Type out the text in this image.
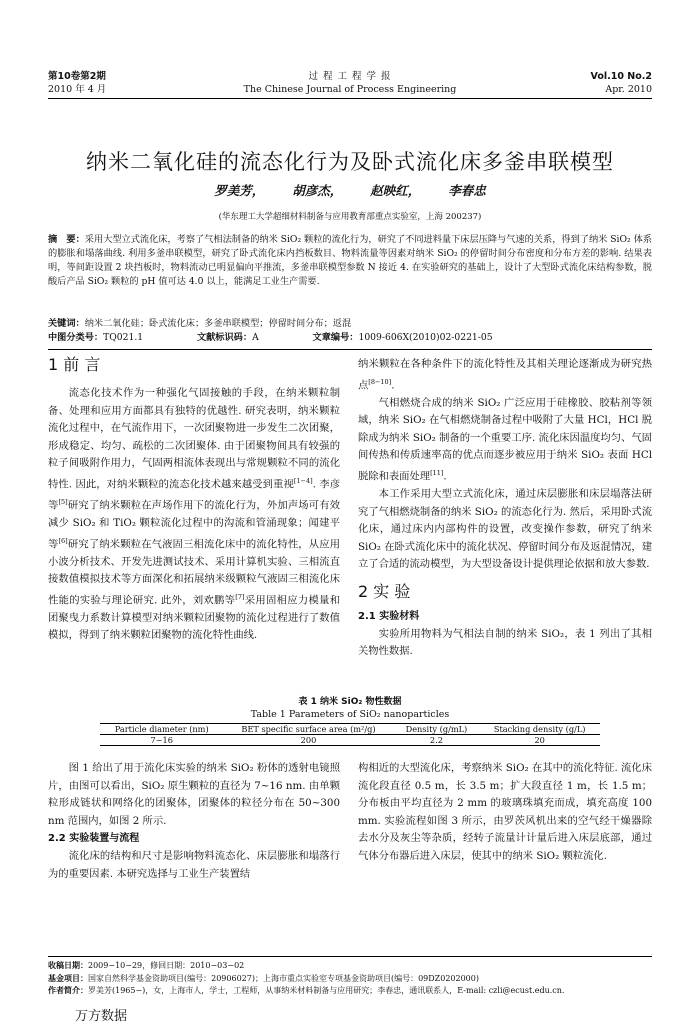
第10卷第2期
2010 年 4 月
过 程 工 程 学 报
The Chinese Journal of Process Engineering
Vol.10 No.2
Apr. 2010
纳米二氧化硅的流态化行为及卧式流化床多釜串联模型
罗美芳， 胡彦杰， 赵映红， 李春忠
(华东理工大学超细材料制备与应用教育部重点实验室，上海 200237)
摘　要：采用大型立式流化床，考察了气相法制备的纳米 SiO₂ 颗粒的流化行为，研究了不同进料量下床层压降与气速的关系，得到了纳米 SiO₂ 体系的膨胀和塌落曲线. 利用多釜串联模型，研究了卧式流化床内挡板数目、物料流量等因素对纳米 SiO₂ 的停留时间分布密度和分布方差的影响. 结果表明，等间距设置 2 块挡板时，物料流动已明显偏向平推流，多釜串联模型参数 N 接近 4. 在实验研究的基础上，设计了大型卧式流化床结构参数，脱酸后产品 SiO₂ 颗粒的 pH 值可达 4.0 以上，能满足工业生产需要.
关键词：纳米二氧化硅；卧式流化床；多釜串联模型；停留时间分布；返混
中图分类号：TQ021.1	文献标识码：A	文章编号：1009-606X(2010)02-0221-05
1 前 言

流态化技术作为一种强化气固接触的手段，在纳米颗粒制备、处理和应用方面都具有独特的优越性. 研究表明，纳米颗粒流化过程中，在气流作用下，一次团聚物进一步发生二次团聚，形成稳定、均匀、疏松的二次团聚体. 由于团聚物间具有较强的粒子间吸附作用力，气固两相流体表现出与常规颗粒不同的流化特性. 因此，对纳米颗粒的流态化技术越来越受到重视[1−4]. 李彦等[5]研究了纳米颗粒在声场作用下的流化行为，外加声场可有效减少 SiO₂ 和 TiO₂ 颗粒流化过程中的沟流和管涌现象；闻建平等[6]研究了纳米颗粒在气液固三相流化床中的流化特性，从应用小波分析技术、开发先进测试技术、采用计算机实验、三相流直接数值模拟技术等方面深化和拓展纳米级颗粒气液固三相流化床性能的实验与理论研究. 此外，刘欢鹏等[7]采用固相应力模量和团聚曳力系数计算模型对纳米颗粒团聚物的流化过程进行了数值模拟，得到了纳米颗粒团聚物的流化特性曲线.

纳米颗粒在各种条件下的流化特性及其相关理论逐渐成为研究热点[8−10].

气相燃烧合成的纳米 SiO₂ 广泛应用于硅橡胶、胶粘剂等领域，纳米 SiO₂ 在气相燃烧制备过程中吸附了大量 HCl，HCl 脱除成为纳米 SiO₂ 制备的一个重要工序. 流化床因温度均匀、气固间传热和传质速率高的优点而逐步被应用于纳米 SiO₂ 表面 HCl 脱除和表面处理[11].

本工作采用大型立式流化床，通过床层膨胀和床层塌落法研究了气相燃烧制备的纳米 SiO₂ 的流态化行为. 然后，采用卧式流化床，通过床内内部构件的设置，改变操作参数，研究了纳米 SiO₂ 在卧式流化床中的流化状况、停留时间分布及返混情况，建立了合适的流动模型，为大型设备设计提供理论依据和放大参数.

2 实 验
2.1 实验材料

实验所用物料为气相法自制的纳米 SiO₂，表 1 列出了其相关物性数据.

表 1 纳米 SiO₂ 物性数据
Table 1 Parameters of SiO₂ nanoparticles
Particle diameter (nm)	BET specific surface area (m²/g)	Density (g/mL)	Stacking density (g/L)
7~16	200	2.2	20

图 1 给出了用于流化床实验的纳米 SiO₂ 粉体的透射电镜照片，由图可以看出，SiO₂ 原生颗粒的直径为 7~16 nm. 由单颗粒形成链状和网络化的团聚体，团聚体的粒径分布在 50~300 nm 范围内，如图 2 所示.

2.2 实验装置与流程

流化床的结构和尺寸是影响物料流态化、床层膨胀和塌落行为的重要因素. 本研究选择与工业生产装置结

构相近的大型流化床，考察纳米 SiO₂ 在其中的流化特征. 流化床流化段直径 0.5 m，长 3.5 m；扩大段直径 1 m，长 1.5 m；分布板由平均直径为 2 mm 的玻璃珠填充而成，填充高度 100 mm. 实验流程如图 3 所示，由罗茨风机出来的空气经干燥器除去水分及灰尘等杂质，经转子流量计计量后进入床层底部，通过气体分布器后进入床层，使其中的纳米 SiO₂ 颗粒流化.

收稿日期：2009−10−29，修回日期：2010−03−02
基金项目：国家自然科学基金资助项目(编号：20906027)；上海市重点实验室专项基金资助项目(编号：09DZ0202000)
作者简介：罗美芳(1965−)，女，上海市人，学士，工程师，从事纳米材料制备与应用研究；李春忠，通讯联系人，E-mail: czli@ecust.edu.cn.
万方数据
